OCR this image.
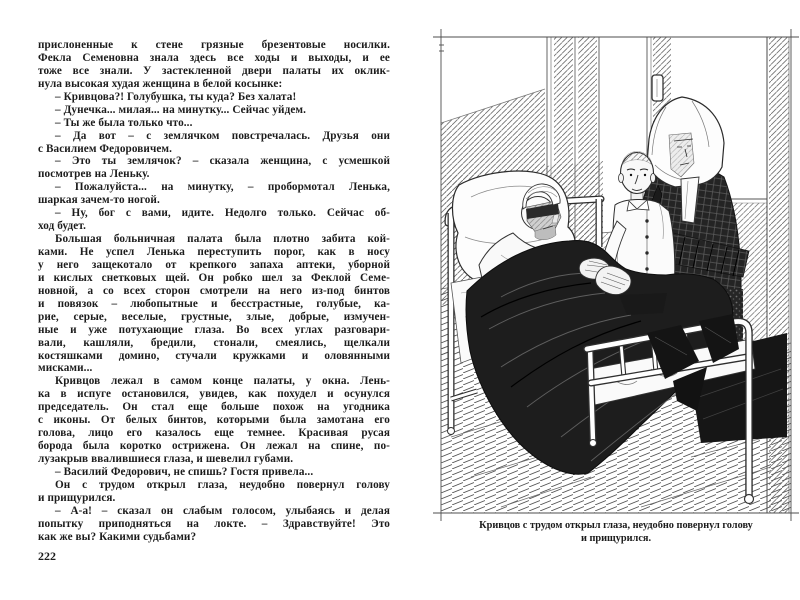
прислоненные к стене грязные брезентовые носилки.
Фекла Семеновна знала здесь все ходы и выходы, и ее
тоже все знали. У застекленной двери палаты их оклик-
нула высокая худая женщина в белой косынке:
– Кривцова?! Голубушка, ты куда? Без халата!
– Дунечка... милая... на минутку... Сейчас уйдем.
– Ты же была только что...
– Да вот – с землячком повстречалась. Друзья они
с Василием Федоровичем.
– Это ты землячок? – сказала женщина, с усмешкой
посмотрев на Леньку.
– Пожалуйста... на минутку, – пробормотал Ленька,
шаркая зачем-то ногой.
– Ну, бог с вами, идите. Недолго только. Сейчас об-
ход будет.
Большая больничная палата была плотно забита кой-
ками. Не успел Ленька переступить порог, как в носу
у него защекотало от крепкого запаха аптеки, уборной
и кислых снетковых щей. Он робко шел за Феклой Семе-
новной, а со всех сторон смотрели на него из-под бинтов
и повязок – любопытные и бесстрастные, голубые, ка-
рие, серые, веселые, грустные, злые, добрые, измучен-
ные и уже потухающие глаза. Во всех углах разговари-
вали, кашляли, бредили, стонали, смеялись, щелкали
костяшками домино, стучали кружками и оловянными
мисками...
Кривцов лежал в самом конце палаты, у окна. Лень-
ка в испуге остановился, увидев, как похудел и осунулся
председатель. Он стал еще больше похож на угодника
с иконы. От белых бинтов, которыми была замотана его
голова, лицо его казалось еще темнее. Красивая русая
борода была коротко острижена. Он лежал на спине, по-
лузакрыв ввалившиеся глаза, и шевелил губами.
– Василий Федорович, не спишь? Гостя привела...
Он с трудом открыл глаза, неудобно повернул голову
и прищурился.
– А-а! – сказал он слабым голосом, улыбаясь и делая
попытку приподняться на локте. – Здравствуйте! Это
как же вы? Какими судьбами?
222
Кривцов с трудом открыл глаза, неудобно повернул голову
и прищурился.
